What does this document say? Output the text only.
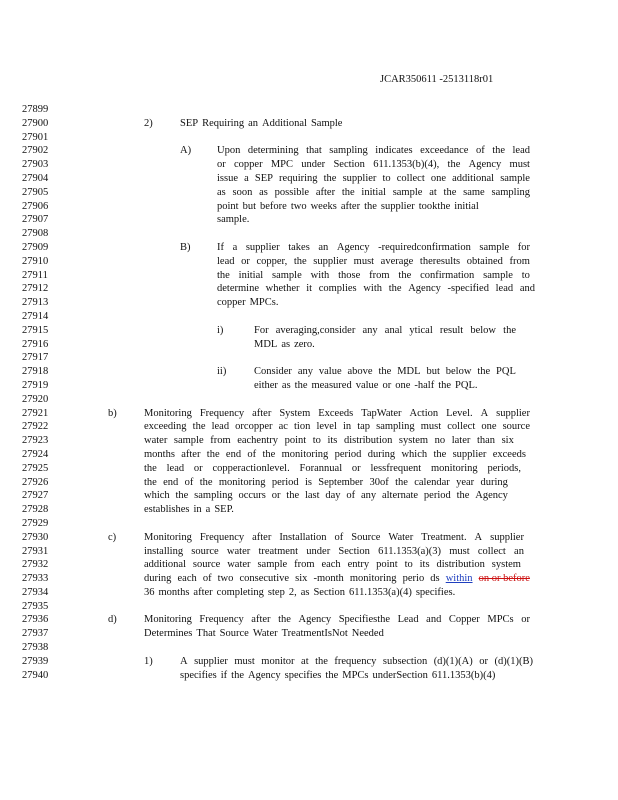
JCAR350611 -2513118r01
27899
27900	2)	SEP Requiring an Additional Sample
27901
27902	A) Upon determining that sampling indicates exceedance of the lead
27903	or copper MPC under Section 611.1353(b)(4), the Agency must
27904	issue a SEP requiring the supplier to collect one additional sample
27905	as soon as possible after the initial sample at the same sampling
27906	point but before two weeks after the supplier tookthe initial
27907	sample.
27908
27909	B)	If a supplier takes an Agency -requiredconfirmation sample for
27910	lead or copper, the supplier must average theresults obtained from
27911	the initial sample with those from the confirmation sample to
27912	determine whether it complies with the Agency -specified lead and
27913	copper MPCs.
27914
27915	i)	For averaging,consider any anal ytical result below the
27916	MDL as zero.
27917
27918	ii)	Consider any value above the MDL but below the PQL
27919	either as the measured value or one -half the PQL.
27920
27921	b)	Monitoring Frequency after System Exceeds TapWater Action Level. A supplier
27922	exceeding the lead orcopper ac tion level in tap sampling must collect one source
27923	water sample from eachentry point to its distribution system no later than six
27924	months after the end of the monitoring period during which the supplier exceeds
27925	the lead or copperactionlevel. Forannual or lessfrequent monitoring periods,
27926	the end of the monitoring period is September 30of the calendar year during
27927	which the sampling occurs or the last day of any alternate period the Agency
27928	establishes in a SEP.
27929
27930	c)	Monitoring Frequency after Installation of Source Water Treatment. A supplier
27931	installing source water treatment under Section 611.1353(a)(3) must collect an
27932	additional source water sample from each entry point to its distribution system
27933	during each of two consecutive six -month monitoring perio ds within on or before
27934	36 months after completing step 2, as Section 611.1353(a)(4) specifies.
27935
27936	d)	Monitoring Frequency after the Agency Specifiesthe Lead and Copper MPCs or
27937	Determines That Source Water TreatmentIsNot Needed
27938
27939	1)	A supplier must monitor at the frequency subsection (d)(1)(A) or (d)(1)(B)
27940	specifies if the Agency specifies the MPCs underSection 611.1353(b)(4)
